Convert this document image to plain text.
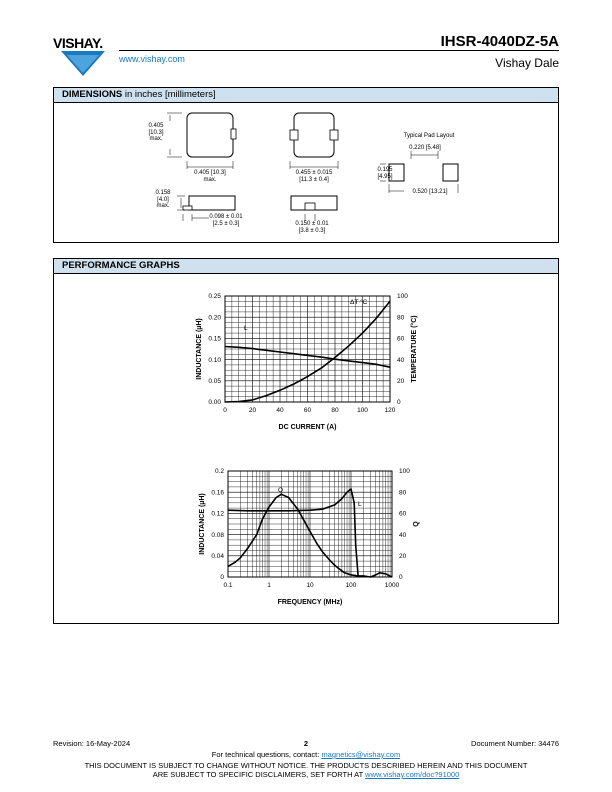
VISHAY.
www.vishay.com
IHSR-4040DZ-5A
Vishay Dale
DIMENSIONS in inches [millimeters]
0.405
[10.3]
max.
0.405 [10.3]
max.
0.455 ± 0.015
[11.3 ± 0.4]
0.158
[4.0]
max.
0.098 ± 0.01
[2.5 ± 0.3]	0.150 ± 0.01
[3.8 ± 0.3]
Typical Pad Layout
0.220 [5.48]
0.195
[4.95]
0.520 [13.21]
PERFORMANCE GRAPHS
0	20	40	60	80	100	120
0.00
0.05
0.10
0.15
0.20
0.25
0
20
40
60
80
100
DC CURRENT (A)
INDUCTANCE (µH)	TEMPERATURE (°C)
0.1	1	10	100	1000
0
0.04
0.08
0.12
0.16
0.2
0
20
40
60
80
100
FREQUENCY (MHz)
INDUCTANCE (µH)	Q
L
ΔT °C
Q
L
Revision: 16-May-2024	2	Document Number: 34476
For technical questions, contact: magnetics@vishay.com
THIS DOCUMENT IS SUBJECT TO CHANGE WITHOUT NOTICE. THE PRODUCTS DESCRIBED HEREIN AND THIS DOCUMENT
ARE SUBJECT TO SPECIFIC DISCLAIMERS, SET FORTH AT www.vishay.com/doc?91000
